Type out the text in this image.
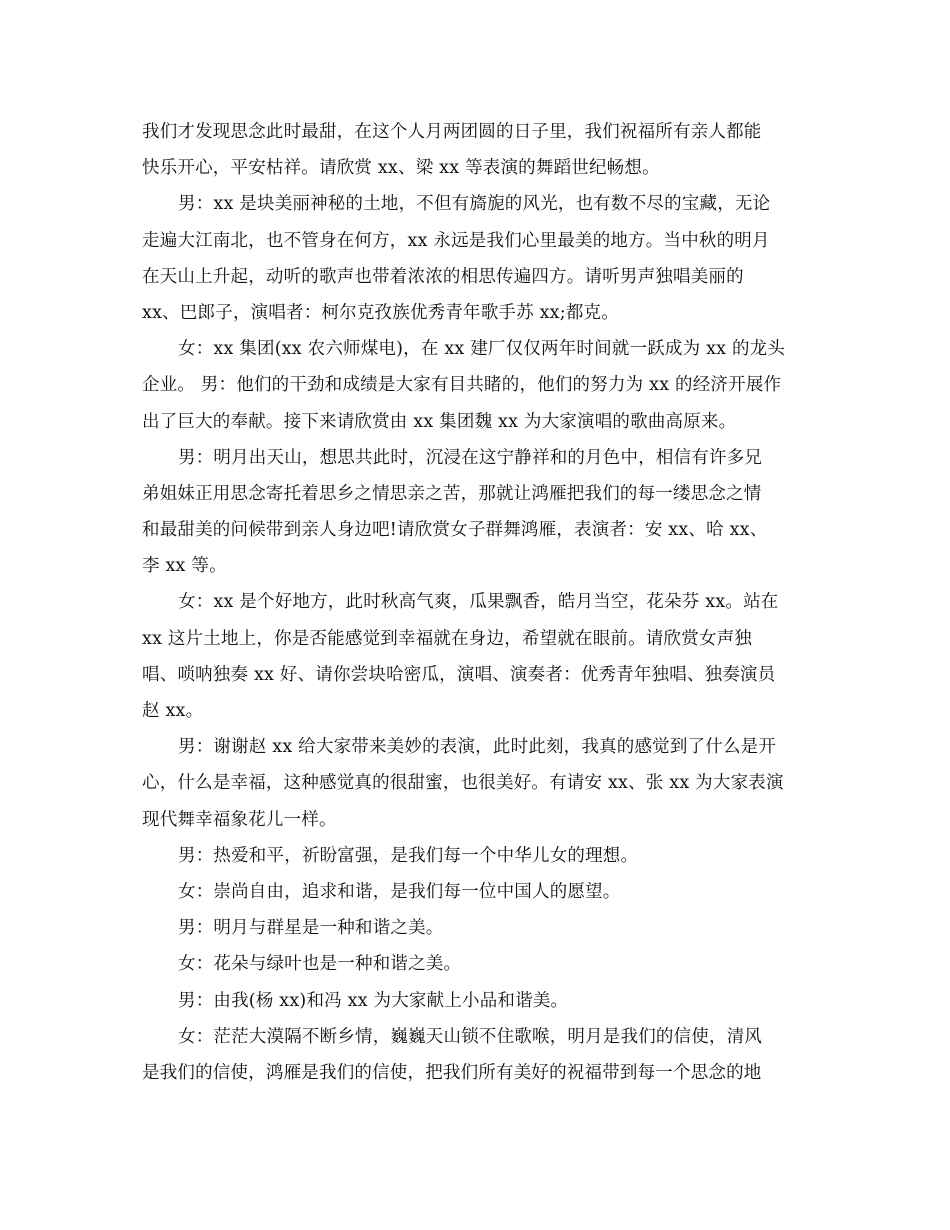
我们才发现思念此时最甜，在这个人月两团圆的日子里，我们祝福所有亲人都能
快乐开心，平安枯祥。请欣赏 xx、梁 xx 等表演的舞蹈世纪畅想。
男：xx 是块美丽神秘的土地，不但有旖旎的风光，也有数不尽的宝藏，无论
走遍大江南北，也不管身在何方，xx 永远是我们心里最美的地方。当中秋的明月
在天山上升起，动听的歌声也带着浓浓的相思传遍四方。请听男声独唱美丽的
xx、巴郎子，演唱者：柯尔克孜族优秀青年歌手苏 xx;都克。
女：xx 集团(xx 农六师煤电)，在 xx 建厂仅仅两年时间就一跃成为 xx 的龙头
企业。 男：他们的干劲和成绩是大家有目共睹的，他们的努力为 xx 的经济开展作
出了巨大的奉献。接下来请欣赏由 xx 集团魏 xx 为大家演唱的歌曲高原来。
男：明月出天山，想思共此时，沉浸在这宁静祥和的月色中，相信有许多兄
弟姐妹正用思念寄托着思乡之情思亲之苦，那就让鸿雁把我们的每一缕思念之情
和最甜美的问候带到亲人身边吧!请欣赏女子群舞鸿雁，表演者：安 xx、哈 xx、
李 xx 等。
女：xx 是个好地方，此时秋高气爽，瓜果飘香，皓月当空，花朵芬 xx。站在
xx 这片土地上，你是否能感觉到幸福就在身边，希望就在眼前。请欣赏女声独
唱、唢呐独奏 xx 好、请你尝块哈密瓜，演唱、演奏者：优秀青年独唱、独奏演员
赵 xx。
男：谢谢赵 xx 给大家带来美妙的表演，此时此刻，我真的感觉到了什么是开
心，什么是幸福，这种感觉真的很甜蜜，也很美好。有请安 xx、张 xx 为大家表演
现代舞幸福象花儿一样。
男：热爱和平，祈盼富强，是我们每一个中华儿女的理想。
女：崇尚自由，追求和谐，是我们每一位中国人的愿望。
男：明月与群星是一种和谐之美。
女：花朵与绿叶也是一种和谐之美。
男：由我(杨 xx)和冯 xx 为大家献上小品和谐美。
女：茫茫大漠隔不断乡情，巍巍天山锁不住歌喉，明月是我们的信使，清风
是我们的信使，鸿雁是我们的信使，把我们所有美好的祝福带到每一个思念的地
